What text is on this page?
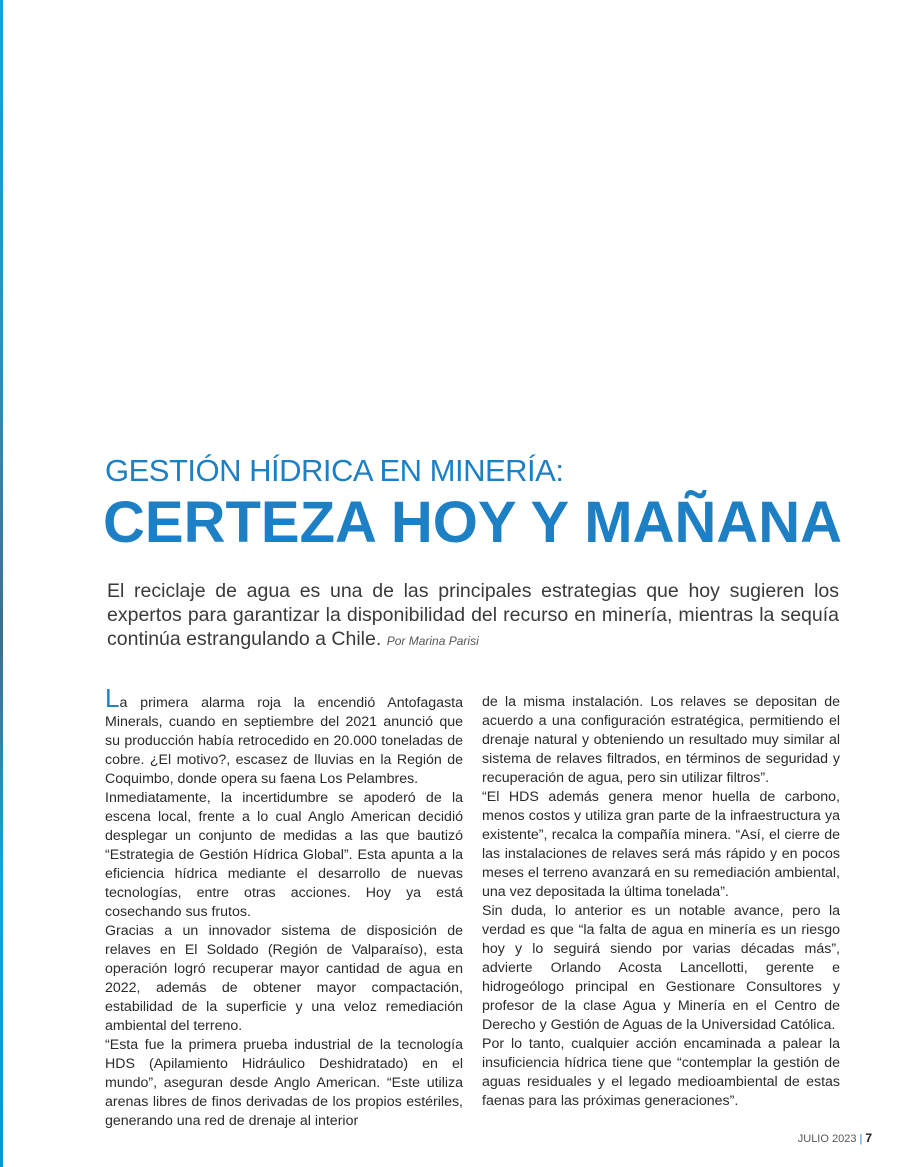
GESTIÓN HÍDRICA EN MINERÍA:
CERTEZA HOY Y MAÑANA

El reciclaje de agua es una de las principales estrategias que hoy sugieren los expertos para garantizar la disponibilidad del recurso en minería, mientras la sequía continúa estrangulando a Chile. Por Marina Parisi

La primera alarma roja la encendió Antofagasta Minerals, cuando en septiembre del 2021 anunció que su producción había retrocedido en 20.000 toneladas de cobre. ¿El motivo?, escasez de lluvias en la Región de Coquimbo, donde opera su faena Los Pelambres.

Inmediatamente, la incertidumbre se apoderó de la escena local, frente a lo cual Anglo American decidió desplegar un conjunto de medidas a las que bautizó “Estrategia de Gestión Hídrica Global”. Esta apunta a la eficiencia hídrica mediante el desarrollo de nuevas tecnologías, entre otras acciones. Hoy ya está cosechando sus frutos.

Gracias a un innovador sistema de disposición de relaves en El Soldado (Región de Valparaíso), esta operación logró recuperar mayor cantidad de agua en 2022, además de obtener mayor compactación, estabilidad de la superficie y una veloz remediación ambiental del terreno.

“Esta fue la primera prueba industrial de la tecnología HDS (Apilamiento Hidráulico Deshidratado) en el mundo”, aseguran desde Anglo American. “Este utiliza arenas libres de finos derivadas de los propios estériles, generando una red de drenaje al interior

de la misma instalación. Los relaves se depositan de acuerdo a una configuración estratégica, permitiendo el drenaje natural y obteniendo un resultado muy similar al sistema de relaves filtrados, en términos de seguridad y recuperación de agua, pero sin utilizar filtros”.

“El HDS además genera menor huella de carbono, menos costos y utiliza gran parte de la infraestructura ya existente”, recalca la compañía minera. “Así, el cierre de las instalaciones de relaves será más rápido y en pocos meses el terreno avanzará en su remediación ambiental, una vez depositada la última tonelada”.

Sin duda, lo anterior es un notable avance, pero la verdad es que “la falta de agua en minería es un riesgo hoy y lo seguirá siendo por varias décadas más”, advierte Orlando Acosta Lancellotti, gerente e hidrogeólogo principal en Gestionare Consultores y profesor de la clase Agua y Minería en el Centro de Derecho y Gestión de Aguas de la Universidad Católica.

Por lo tanto, cualquier acción encaminada a palear la insuficiencia hídrica tiene que “contemplar la gestión de aguas residuales y el legado medioambiental de estas faenas para las próximas generaciones”.

JULIO 2023 | 7
